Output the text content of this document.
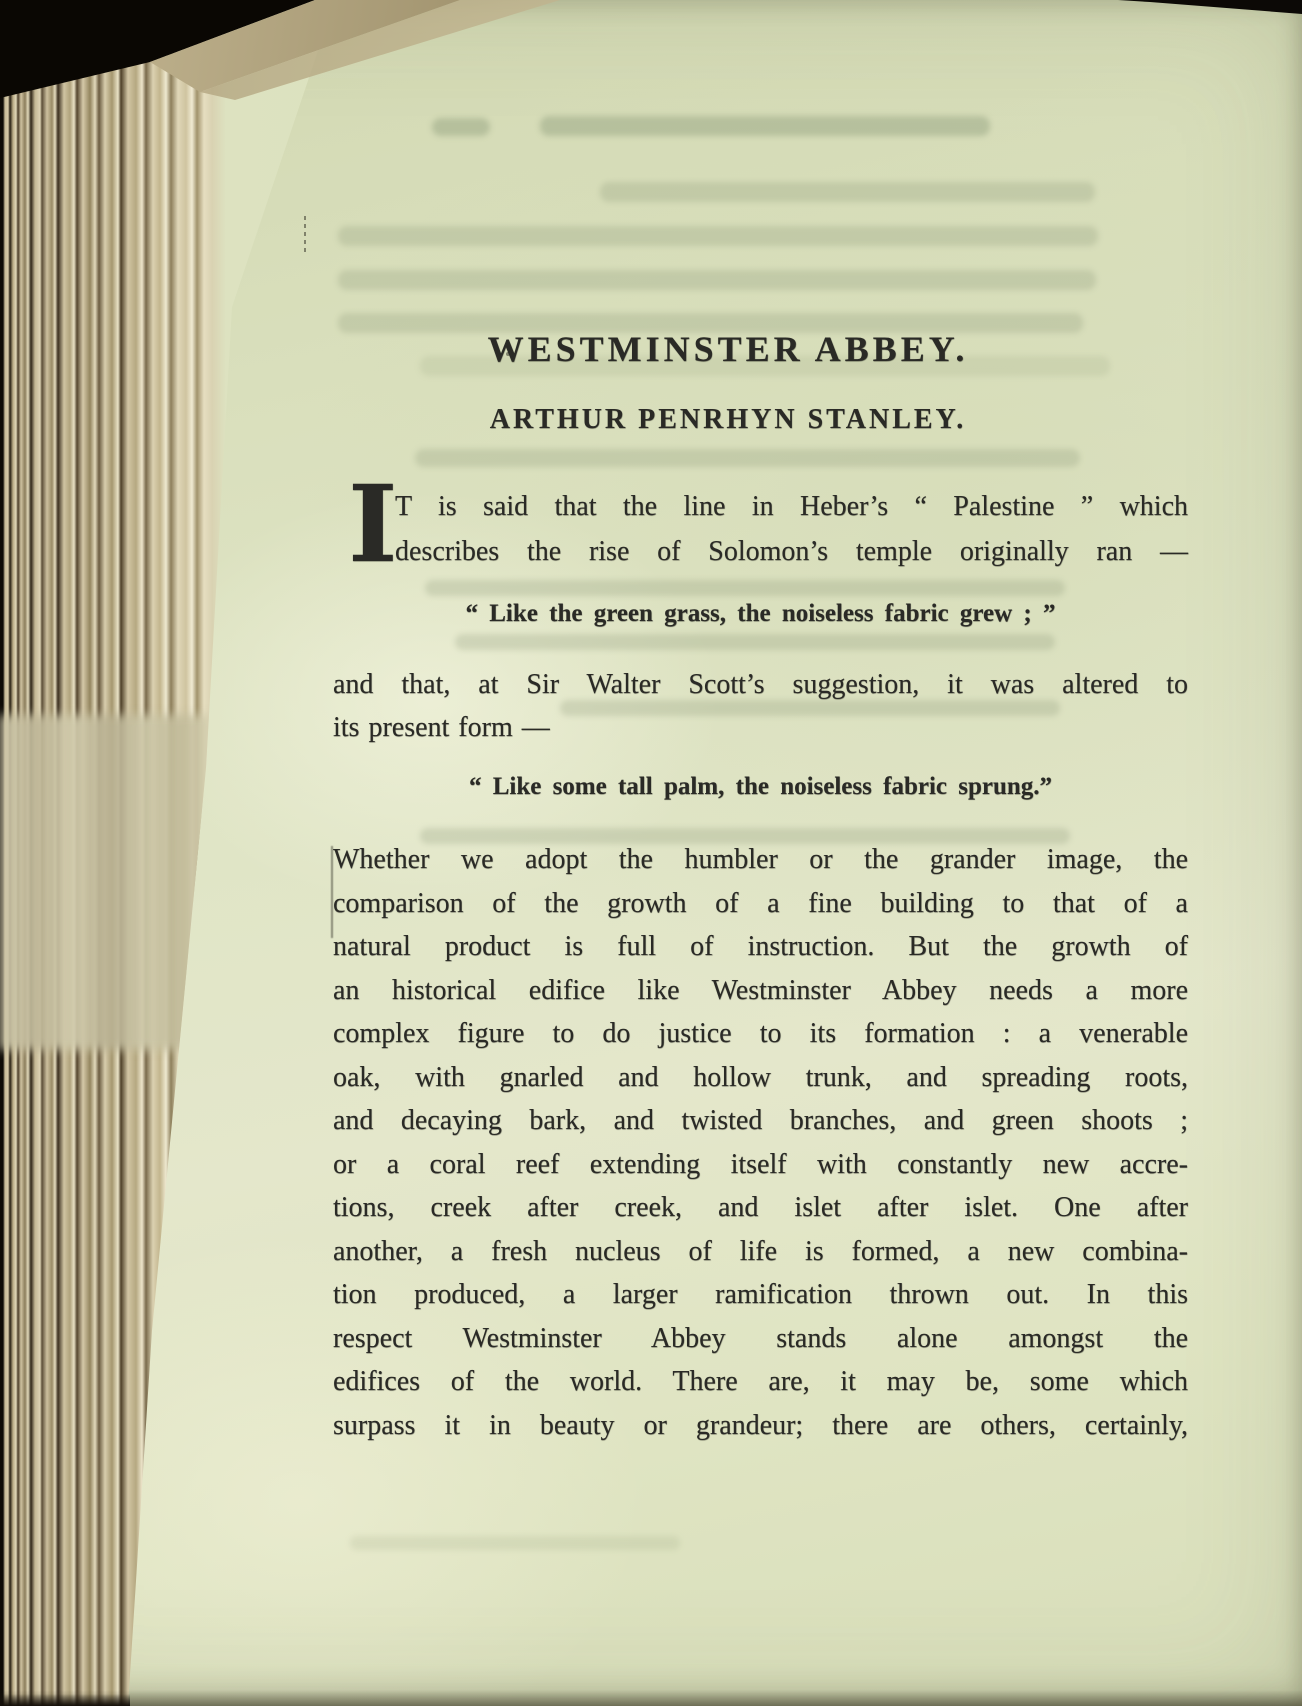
WESTMINSTER ABBEY.
ARTHUR PENRHYN STANLEY.
I
T is said that the line in Heber’s “ Palestine ” which
describes the rise of Solomon’s temple originally ran —
“ Like the green grass, the noiseless fabric grew ; ”
and that, at Sir Walter Scott’s suggestion, it was altered to
its present form —
“ Like some tall palm, the noiseless fabric sprung.”
Whether we adopt the humbler or the grander image, the
comparison of the growth of a fine building to that of a
natural product is full of instruction. But the growth of
an historical edifice like Westminster Abbey needs a more
complex figure to do justice to its formation : a venerable
oak, with gnarled and hollow trunk, and spreading roots,
and decaying bark, and twisted branches, and green shoots ;
or a coral reef extending itself with constantly new accre-
tions, creek after creek, and islet after islet. One after
another, a fresh nucleus of life is formed, a new combina-
tion produced, a larger ramification thrown out. In this
respect Westminster Abbey stands alone amongst the
edifices of the world. There are, it may be, some which
surpass it in beauty or grandeur; there are others, certainly,
